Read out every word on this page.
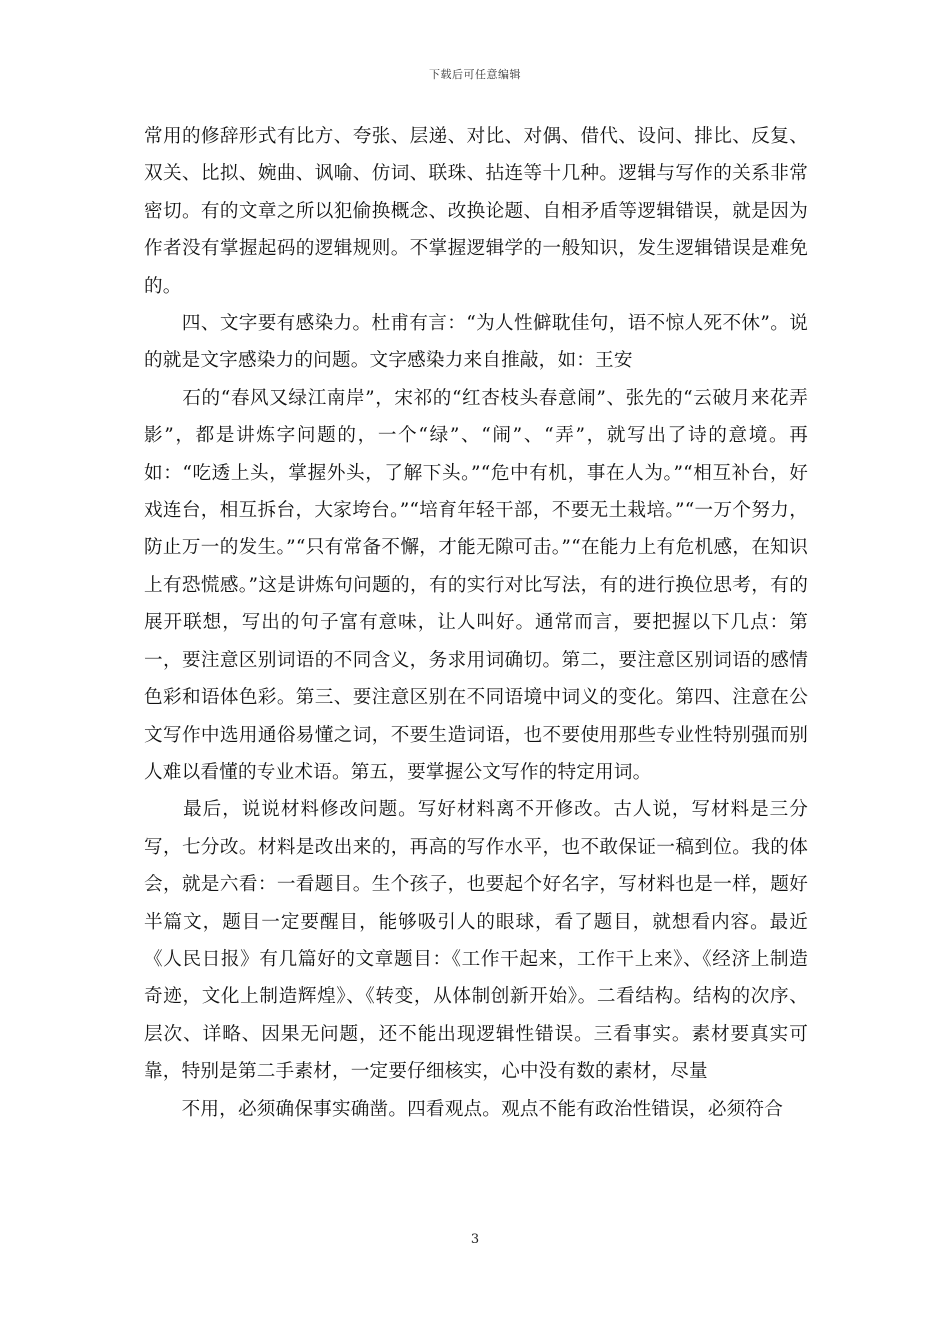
下载后可任意编辑

常用的修辞形式有比方、夸张、层递、对比、对偶、借代、设问、排比、反复、双关、比拟、婉曲、讽喻、仿词、联珠、拈连等十几种。逻辑与写作的关系非常密切。有的文章之所以犯偷换概念、改换论题、自相矛盾等逻辑错误，就是因为作者没有掌握起码的逻辑规则。不掌握逻辑学的一般知识，发生逻辑错误是难免的。

　　四、文字要有感染力。杜甫有言：“为人性僻耽佳句，语不惊人死不休”。说的就是文字感染力的问题。文字感染力来自推敲，如：王安

　　石的“春风又绿江南岸”，宋祁的“红杏枝头春意闹”、张先的“云破月来花弄影”，都是讲炼字问题的，一个“绿”、“闹”、“弄”，就写出了诗的意境。再如：“吃透上头，掌握外头，了解下头。”“危中有机，事在人为。”“相互补台，好戏连台，相互拆台，大家垮台。”“培育年轻干部，不要无土栽培。”“一万个努力，防止万一的发生。”“只有常备不懈，才能无隙可击。”“在能力上有危机感，在知识上有恐慌感。”这是讲炼句问题的，有的实行对比写法，有的进行换位思考，有的展开联想，写出的句子富有意味，让人叫好。通常而言，要把握以下几点：第一，要注意区别词语的不同含义，务求用词确切。第二，要注意区别词语的感情色彩和语体色彩。第三、要注意区别在不同语境中词义的变化。第四、注意在公文写作中选用通俗易懂之词，不要生造词语，也不要使用那些专业性特别强而别人难以看懂的专业术语。第五，要掌握公文写作的特定用词。

　　最后，说说材料修改问题。写好材料离不开修改。古人说，写材料是三分写，七分改。材料是改出来的，再高的写作水平，也不敢保证一稿到位。我的体会，就是六看：一看题目。生个孩子，也要起个好名字，写材料也是一样，题好半篇文，题目一定要醒目，能够吸引人的眼球，看了题目，就想看内容。最近《人民日报》有几篇好的文章题目：《工作干起来，工作干上来》、《经济上制造奇迹，文化上制造辉煌》、《转变，从体制创新开始》。二看结构。结构的次序、层次、详略、因果无问题，还不能出现逻辑性错误。三看事实。素材要真实可靠，特别是第二手素材，一定要仔细核实，心中没有数的素材，尽量

　　不用，必须确保事实确凿。四看观点。观点不能有政治性错误，必须符合

3
